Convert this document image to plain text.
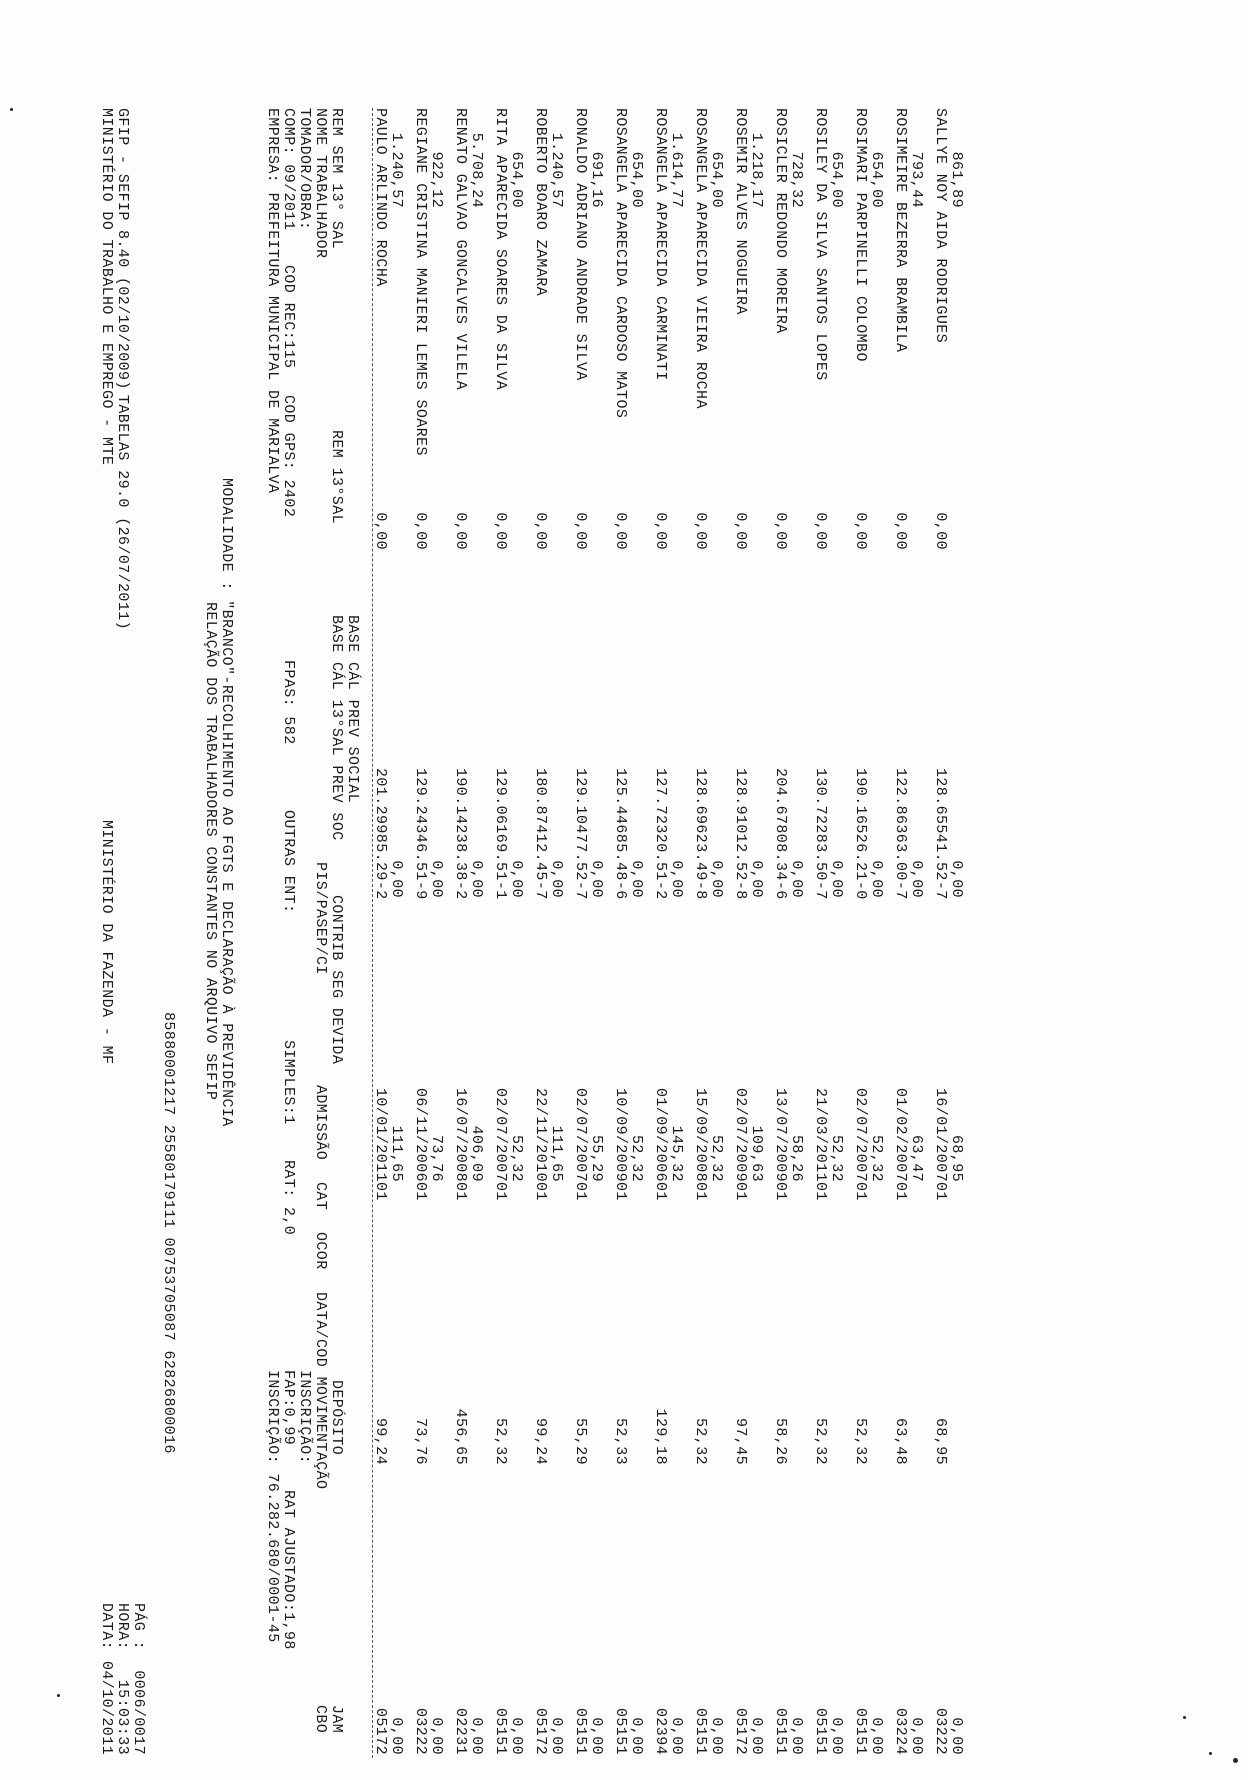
MINISTÉRIO DO TRABALHO E EMPREGO - MTE GFIP - SEFIP
8.40 (02/10/2009)
TABELAS 29.0 (26/07/2011)
MINISTÉRIO DA FAZENDA - MF
DATA:
04/10/2011
HORA:
15:03:33
PÁG :
0006/0017
85880001217 25580179111 00753705087 62826800016
RELAÇÃO DOS TRABALHADORES CONSTANTES NO ARQUIVO SEFIP MODALIDADE : "BRANCO"-RECOLHIMENTO AO FGTS E DECLARAÇÃO À PREVIDÊNCIA
EMPRESA: PREFEITURA MUNICIPAL DE MARIALVA
INSCRIÇÃO: 76.282.680/0001-45
COMP: 09/2011
COD REC:115
COD GPS: 2402
FPAS: 582
OUTRAS ENT:
SIMPLES:1
RAT: 2,0
FAP:0,99
RAT AJUSTADO:1,98
TOMADOR/OBRA:
INSCRIÇÃO:
NOME TRABALHADOR
PIS/PASEP/CI
ADMISSÃO
CAT
OCOR
DATA/COD MOVIMENTAÇÃO
CBO
REM SEM 13° SAL
REM 13°SAL
BASE CÁL 13°SAL PREV SOC
CONTRIB SEG DEVIDA
DEPÓSITO
JAM
BASE CÁL PREV SOCIAL
PAULO ARLINDO ROCHA
0,00
201.29985.29-2
10/01/2011
01
99,24
05172
1.240,57
0,00
111,65
0,00
REGIANE CRISTINA MANIERI LEMES SOARES
0,00
129.24346.51-9
06/11/2006
01
73,76
03222
922,12
0,00
73,76
0,00
RENATO GALVAO GONCALVES VILELA
0,00
190.14238.38-2
16/07/2008
01
456,65
02231
5.708,24
0,00
406,09
0,00
RITA APARECIDA SOARES DA SILVA
0,00
129.06169.51-1
02/07/2007
01
52,32
05151
654,00
0,00
52,32
0,00
ROBERTO BOARO ZAMARA
0,00
180.87412.45-7
22/11/2010
01
99,24
05172
1.240,57
0,00
111,65
0,00
RONALDO ADRIANO ANDRADE SILVA
0,00
129.10477.52-7
02/07/2007
01
55,29
05151
691,16
0,00
55,29
0,00
ROSANGELA APARECIDA CARDOSO MATOS
0,00
125.44685.48-6
10/09/2009
01
52,33
05151
654,00
0,00
52,32
0,00
ROSANGELA APARECIDA CARMINATI
0,00
127.72320.51-2
01/09/2006
01
129,18
02394
1.614,77
0,00
145,32
0,00
ROSANGELA APARECIDA VIEIRA ROCHA
0,00
128.69623.49-8
15/09/2008
01
52,32
05151
654,00
0,00
52,32
0,00
ROSEMIR ALVES NOGUEIRA
0,00
128.91012.52-8
02/07/2009
01
97,45
05172
1.218,17
0,00
109,63
0,00
ROSICLER REDONDO MOREIRA
0,00
204.67808.34-6
13/07/2009
01
58,26
05151
728,32
0,00
58,26
0,00
ROSILEY DA SILVA SANTOS LOPES
0,00
130.72283.50-7
21/03/2011
01
52,32
05151
654,00
0,00
52,32
0,00
ROSIMARI PARPINELLI COLOMBO
0,00
190.16526.21-0
02/07/2007
01
52,32
05151
654,00
0,00
52,32
0,00
ROSIMEIRE BEZERRA BRAMBILA
0,00
122.86363.00-7
01/02/2007
01
63,48
03224
793,44
0,00
63,47
0,00
SALLYE NOY AIDA RODRIGUES
0,00
128.65541.52-7
16/01/2007
01
68,95
03222
861,89
0,00
68,95
0,00
